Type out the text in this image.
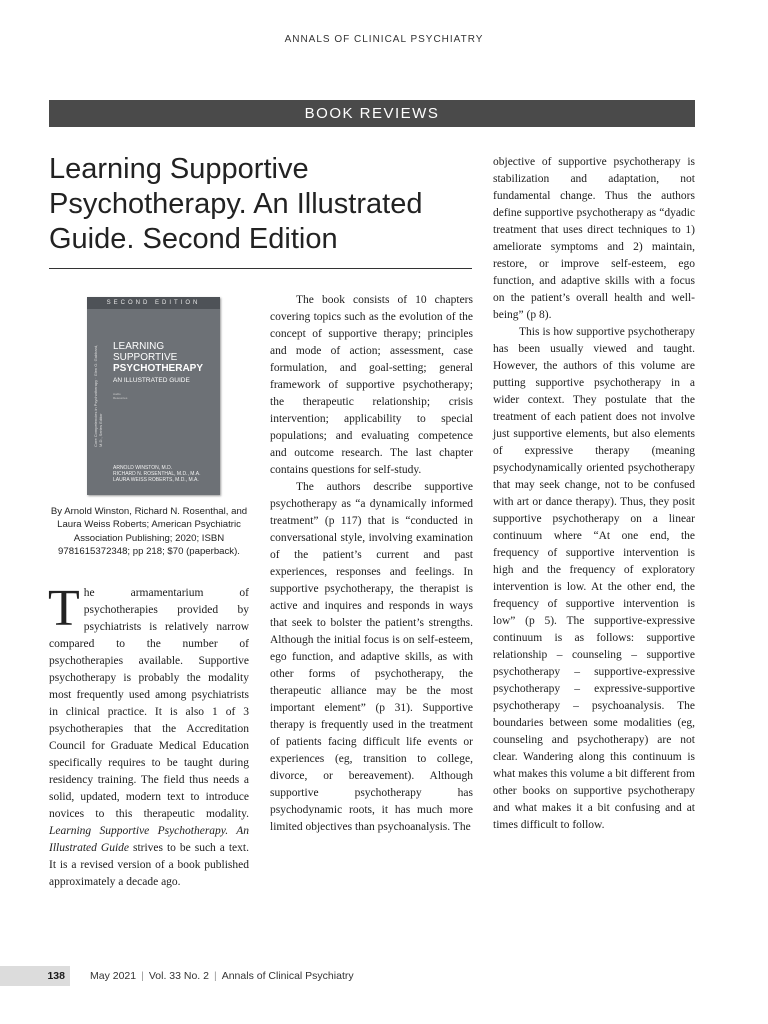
ANNALS OF CLINICAL PSYCHIATRY
BOOK REVIEWS
Learning Supportive Psychotherapy. An Illustrated Guide. Second Edition
SECOND EDITION
Core Competencies in Psychotherapy · Glen O. Gabbard, M.D., Series Editor
LEARNING
SUPPORTIVE
PSYCHOTHERAPY
AN ILLUSTRATED GUIDE
Audio Resources
ARNOLD WINSTON, M.D.
RICHARD N. ROSENTHAL, M.D., M.A.
LAURA WEISS ROBERTS, M.D., M.A.
By Arnold Winston, Richard N. Rosenthal, and Laura Weiss Roberts; American Psychiatric Association Publishing; 2020; ISBN 9781615372348; pp 218; $70 (paperback).

The armamentarium of psychotherapies provided by psychiatrists is relatively narrow compared to the number of psychotherapies available. Supportive psychotherapy is probably the modality most frequently used among psychiatrists in clinical practice. It is also 1 of 3 psychotherapies that the Accreditation Council for Graduate Medical Education specifically requires to be taught during residency training. The field thus needs a solid, updated, modern text to introduce novices to this therapeutic modality. Learning Supportive Psychotherapy. An Illustrated Guide strives to be such a text. It is a revised version of a book published approximately a decade ago.

The book consists of 10 chapters covering topics such as the evolution of the concept of supportive therapy; principles and mode of action; assessment, case formulation, and goal-setting; general framework of supportive psychotherapy; the therapeutic relationship; crisis intervention; applicability to special populations; and evaluating competence and outcome research. The last chapter contains questions for self-study.

The authors describe supportive psychotherapy as “a dynamically informed treatment” (p 117) that is “conducted in conversational style, involving examination of the patient’s current and past experiences, responses and feelings. In supportive psychotherapy, the therapist is active and inquires and responds in ways that seek to bolster the patient’s strengths. Although the initial focus is on self-esteem, ego function, and adaptive skills, as with other forms of psychotherapy, the therapeutic alliance may be the most important element” (p 31). Supportive therapy is frequently used in the treatment of patients facing difficult life events or experiences (eg, transition to college, divorce, or bereavement). Although supportive psychotherapy has psychodynamic roots, it has much more limited objectives than psychoanalysis. The

objective of supportive psychotherapy is stabilization and adaptation, not fundamental change. Thus the authors define supportive psychotherapy as “dyadic treatment that uses direct techniques to 1) ameliorate symptoms and 2) maintain, restore, or improve self-esteem, ego function, and adaptive skills with a focus on the patient’s overall health and well-being” (p 8).

This is how supportive psychotherapy has been usually viewed and taught. However, the authors of this volume are putting supportive psychotherapy in a wider context. They postulate that the treatment of each patient does not involve just supportive elements, but also elements of expressive therapy (meaning psychodynamically oriented psychotherapy that may seek change, not to be confused with art or dance therapy). Thus, they posit supportive psychotherapy on a linear continuum where “At one end, the frequency of supportive intervention is high and the frequency of exploratory intervention is low. At the other end, the frequency of supportive intervention is low” (p 5). The supportive-expressive continuum is as follows: supportive relationship – counseling – supportive psychotherapy – supportive-expressive psychotherapy – expressive-supportive psychotherapy – psychoanalysis. The boundaries between some modalities (eg, counseling and psychotherapy) are not clear. Wandering along this continuum is what makes this volume a bit different from other books on supportive psychotherapy and what makes it a bit confusing and at times difficult to follow.

138	May 2021 | Vol. 33 No. 2 | Annals of Clinical Psychiatry
